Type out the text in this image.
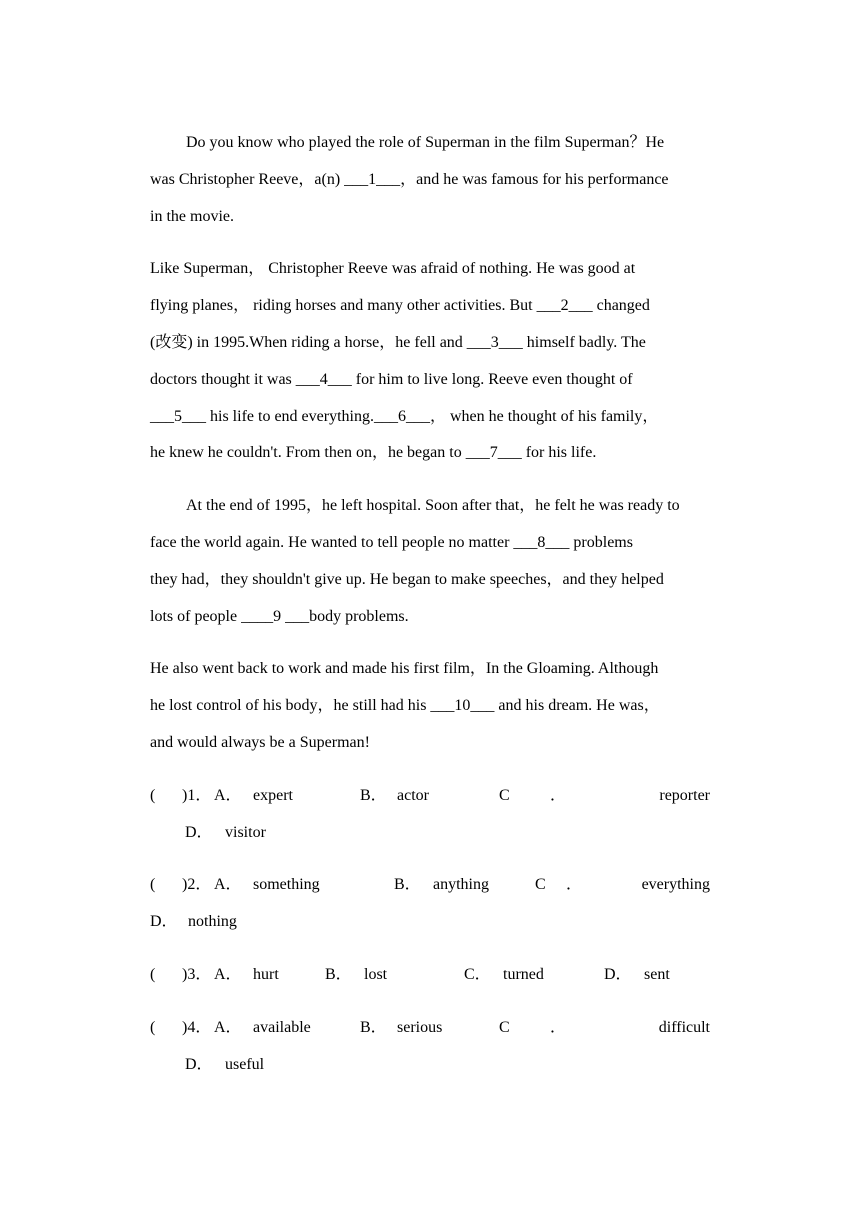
Do you know who played the role of Superman in the film Superman？He

was Christopher Reeve，a(n) ___1___，and he was famous for his performance

in the movie.

Like Superman， Christopher Reeve was afraid of nothing. He was good at

flying planes， riding horses and many other activities. But ___2___ changed

(改变) in 1995.When riding a horse，he fell and ___3___ himself badly. The

doctors thought it was ___4___ for him to live long. Reeve even thought of

___5___ his life to end everything.___6___， when he thought of his family，

he knew he couldn't. From then on，he began to ___7___ for his life.

At the end of 1995，he left hospital. Soon after that，he felt he was ready to

face the world again. He wanted to tell people no matter ___8___ problems

they had，they shouldn't give up. He began to make speeches，and they helped

lots of people ____9 ___body problems.

He also went back to work and made his first film，In the Gloaming. Although

he lost control of his body，he still had his ___10___ and his dream. He was，

and would always be a Superman!

( )1． A． expert	B． actor	C	．	reporter
D． visitor
( )2． A． something	B． anything	C ．	everything
D． nothing
( )3． A． hurt	B． lost	C． turned	D． sent
( )4． A． available	B． serious	C	．	difficult
D． useful
